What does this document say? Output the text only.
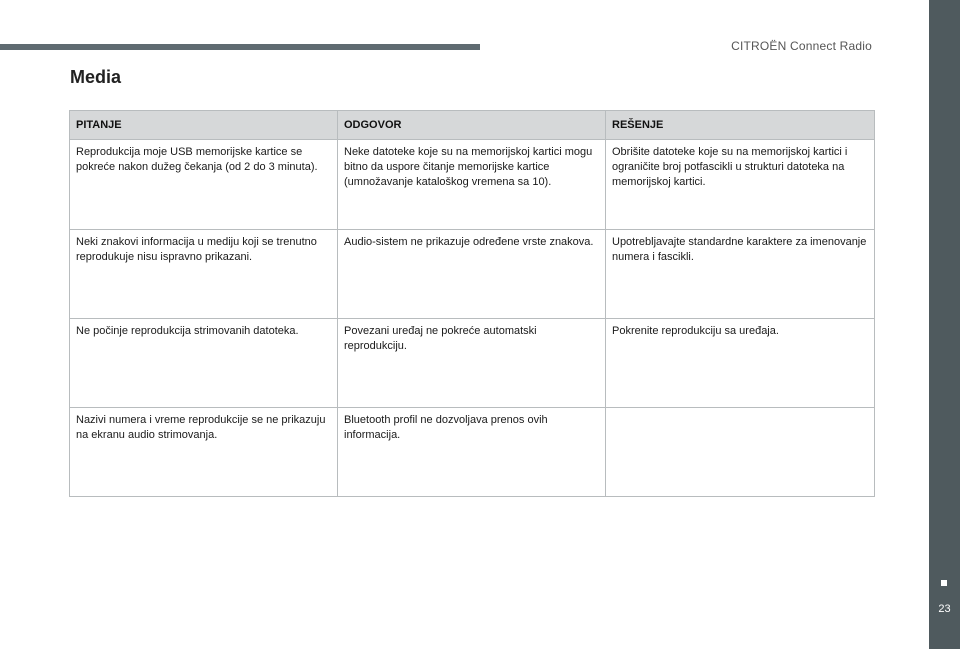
CITROËN Connect Radio
23
Media
PITANJE	ODGOVOR	REŠENJE
Reprodukcija moje USB memorijske kartice se pokreće nakon dužeg čekanja (od 2 do 3 minuta).	Neke datoteke koje su na memorijskoj kartici mogu bitno da uspore čitanje memorijske kartice (umnožavanje kataloškog vremena sa 10).	Obrišite datoteke koje su na memorijskoj kartici i ograničite broj potfascikli u strukturi datoteka na memorijskoj kartici.
Neki znakovi informacija u mediju koji se trenutno reprodukuje nisu ispravno prikazani.	Audio-sistem ne prikazuje određene vrste znakova.	Upotrebljavajte standardne karaktere za imenovanje numera i fascikli.
Ne počinje reprodukcija strimovanih datoteka.	Povezani uređaj ne pokreće automatski reprodukciju.	Pokrenite reprodukciju sa uređaja.
Nazivi numera i vreme reprodukcije se ne prikazuju na ekranu audio strimovanja.	Bluetooth profil ne dozvoljava prenos ovih informacija.	
